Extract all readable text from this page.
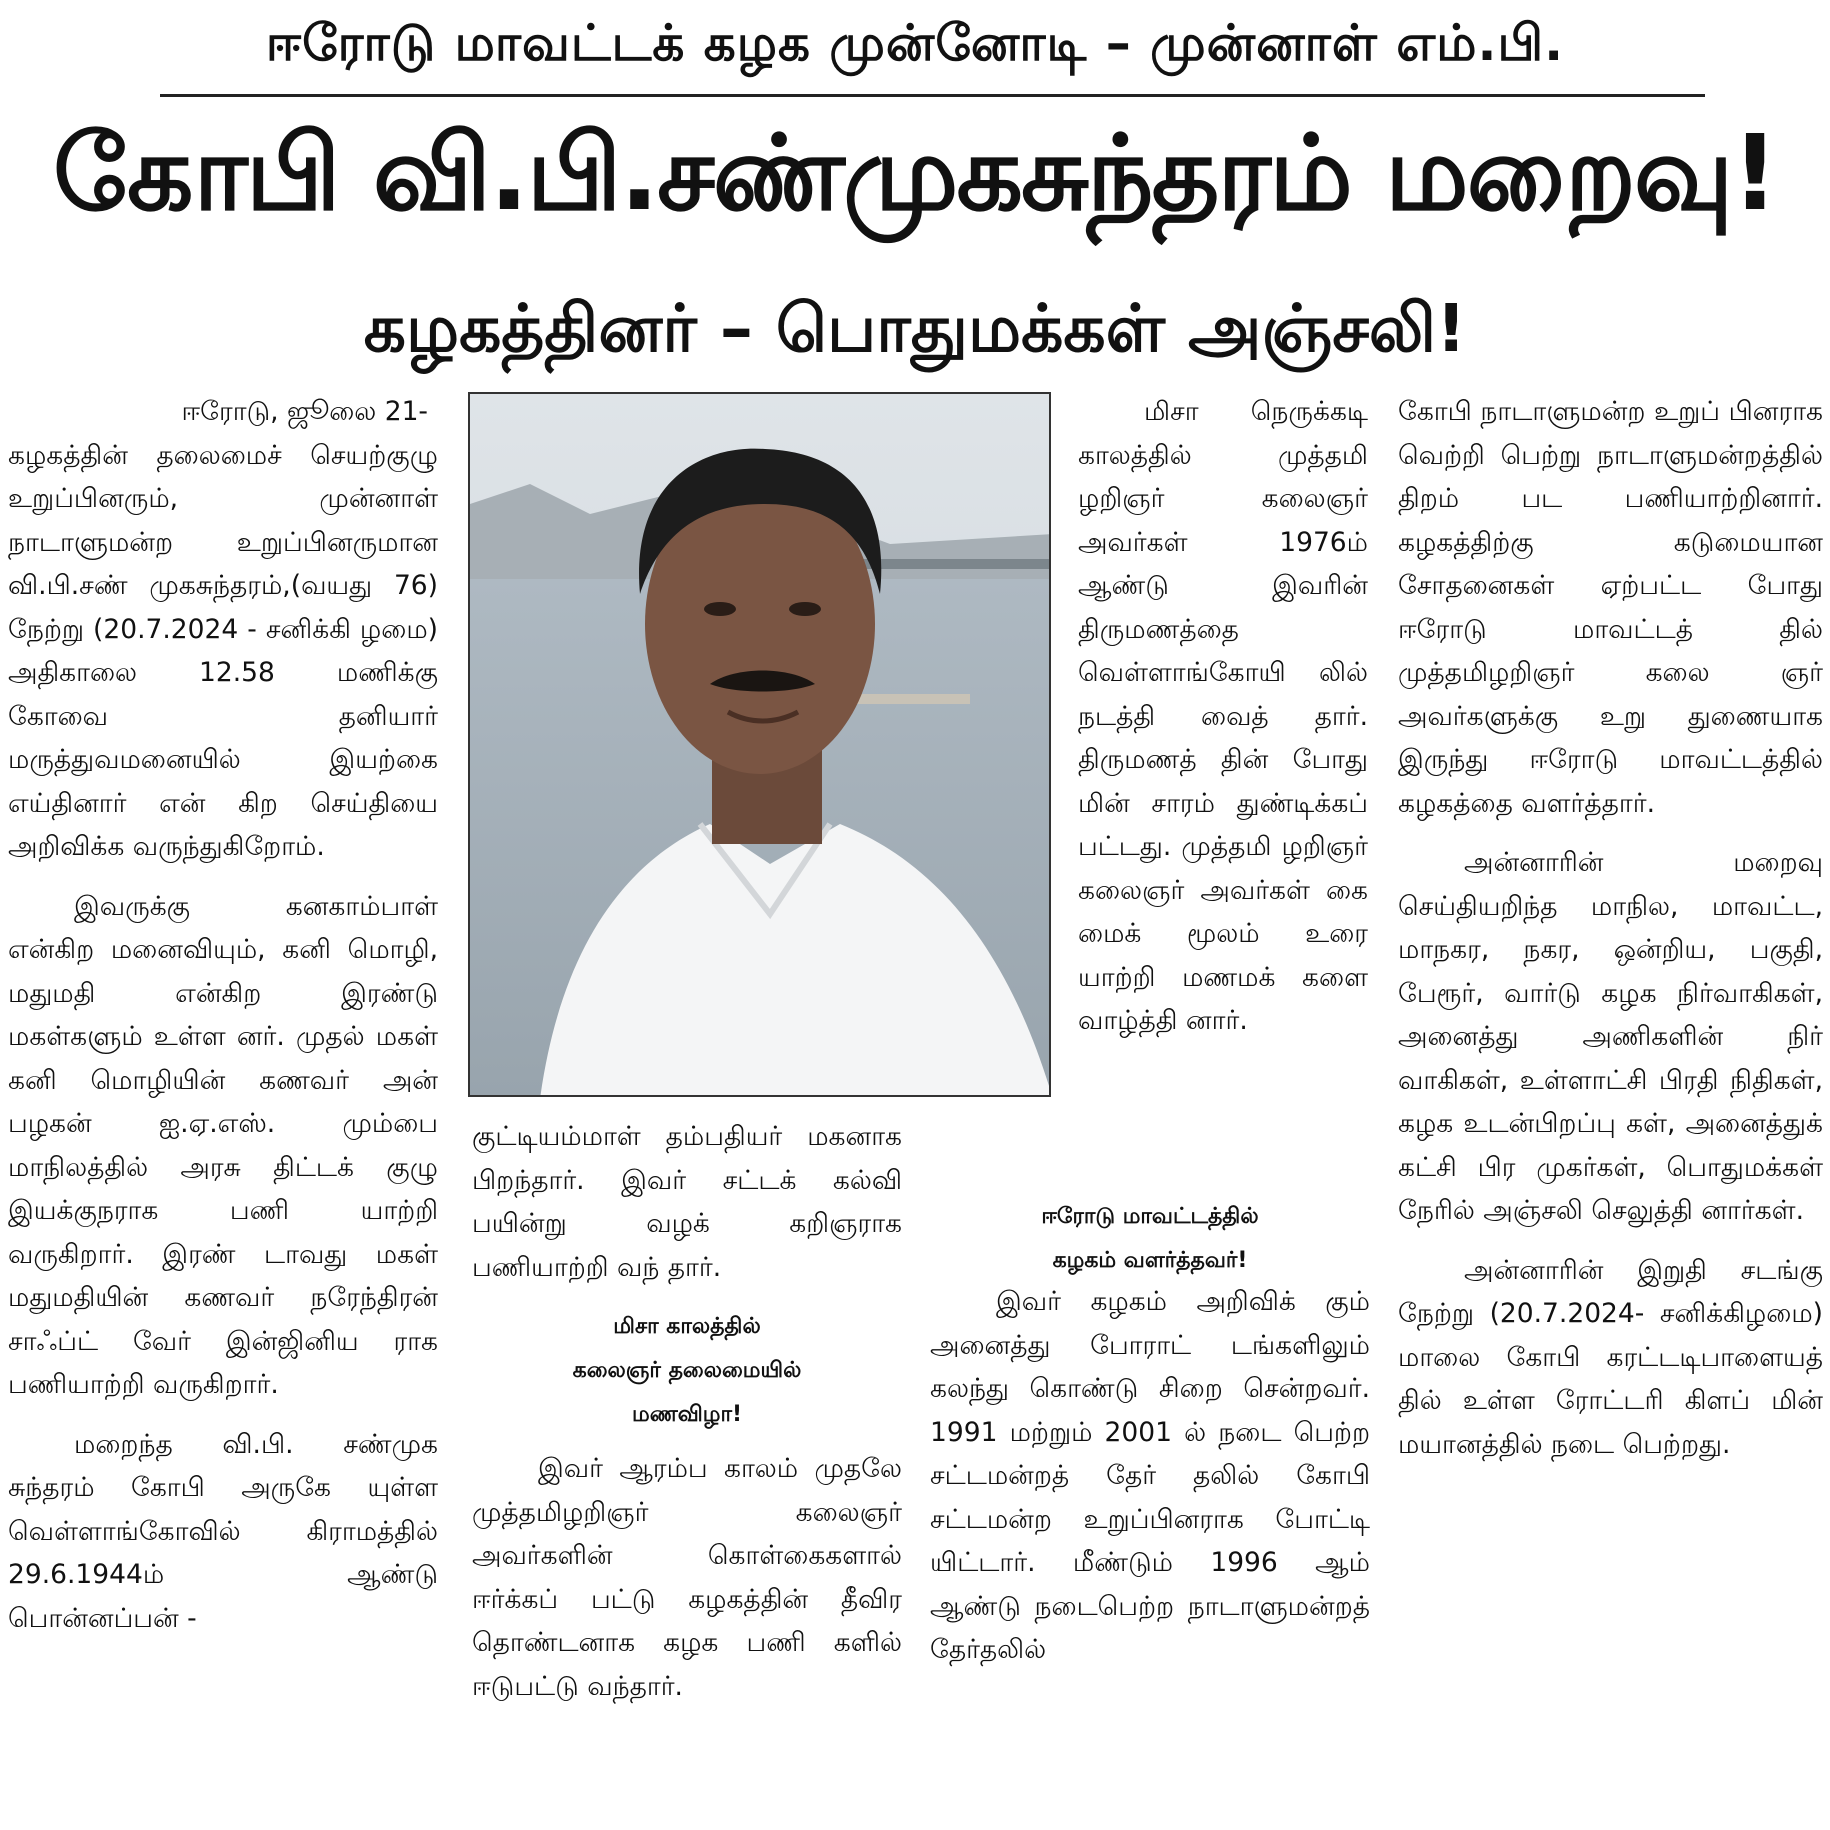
ஈரோடு மாவட்டக் கழக முன்னோடி – முன்னாள் எம்.பி.
கோபி வி.பி.சண்முகசுந்தரம் மறைவு!
கழகத்தினர் – பொதுமக்கள் அஞ்சலி!
ஈரோடு, ஜூலை 21-

கழகத்தின் தலைமைச் செயற்குழு உறுப்பினரும், முன்னாள் நாடாளுமன்ற உறுப்பினருமான வி.பி.சண் முகசுந்தரம்,(வயது 76) நேற்று (20.7.2024 - சனிக்கி ழமை) அதிகாலை 12.58 மணிக்கு கோவை தனியார் மருத்துவமனையில் இயற்கை எய்தினார் என் கிற செய்தியை அறிவிக்க வருந்துகிறோம்.

இவருக்கு கனகாம்பாள் என்கிற மனைவியும், கனி மொழி, மதுமதி என்கிற இரண்டு மகள்களும் உள்ள னர். முதல் மகள் கனி மொழியின் கணவர் அன் பழகன் ஐ.ஏ.எஸ். மும்பை மாநிலத்தில் அரசு திட்டக் குழு இயக்குநராக பணி யாற்றி வருகிறார். இரண் டாவது மகள் மதுமதியின் கணவர் நரேந்திரன் சாஃப்ட் வேர் இன்ஜினிய ராக பணியாற்றி வருகிறார்.

மறைந்த வி.பி. சண்முக சுந்தரம் கோபி அருகே யுள்ள வெள்ளாங்கோவில் கிராமத்தில் 29.6.1944ம் ஆண்டு பொன்னப்பன் -

குட்டியம்மாள் தம்பதியர் மகனாக பிறந்தார். இவர் சட்டக் கல்வி பயின்று வழக் கறிஞராக பணியாற்றி வந் தார்.

மிசா காலத்தில்
கலைஞர் தலைமையில்
மணவிழா!

இவர் ஆரம்ப காலம் முதலே முத்தமிழறிஞர் கலைஞர் அவர்களின் கொள்கைகளால் ஈர்க்கப் பட்டு கழகத்தின் தீவிர தொண்டனாக கழக பணி களில் ஈடுபட்டு வந்தார்.

மிசா நெருக்கடி காலத்தில் முத்தமி ழறிஞர் கலைஞர் அவர்கள் 1976ம் ஆண்டு இவரின் திருமணத்தை வெள்ளாங்கோயி லில் நடத்தி வைத் தார். திருமணத் தின் போது மின் சாரம் துண்டிக்கப் பட்டது. முத்தமி ழறிஞர் கலைஞர் அவர்கள் கை மைக் மூலம் உரை யாற்றி மணமக் களை வாழ்த்தி னார்.

ஈரோடு மாவட்டத்தில்
கழகம் வளர்த்தவர்!

இவர் கழகம் அறிவிக் கும் அனைத்து போராட் டங்களிலும் கலந்து கொண்டு சிறை சென்றவர். 1991 மற்றும் 2001 ல் நடை பெற்ற சட்டமன்றத் தேர் தலில் கோபி சட்டமன்ற உறுப்பினராக போட்டி யிட்டார். மீண்டும் 1996 ஆம் ஆண்டு நடைபெற்ற நாடாளுமன்றத் தேர்தலில்

கோபி நாடாளுமன்ற உறுப் பினராக வெற்றி பெற்று நாடாளுமன்றத்தில் திறம் பட பணியாற்றினார். கழகத்திற்கு கடுமையான சோதனைகள் ஏற்பட்ட போது ஈரோடு மாவட்டத் தில் முத்தமிழறிஞர் கலை ஞர் அவர்களுக்கு உறு துணையாக இருந்து ஈரோடு மாவட்டத்தில் கழகத்தை வளர்த்தார்.

அன்னாரின் மறைவு செய்தியறிந்த மாநில, மாவட்ட, மாநகர, நகர, ஒன்றிய, பகுதி, பேரூர், வார்டு கழக நிர்வாகிகள், அனைத்து அணிகளின் நிர் வாகிகள், உள்ளாட்சி பிரதி நிதிகள், கழக உடன்பிறப்பு கள், அனைத்துக் கட்சி பிர முகர்கள், பொதுமக்கள் நேரில் அஞ்சலி செலுத்தி னார்கள்.

அன்னாரின் இறுதி சடங்கு நேற்று (20.7.2024- சனிக்கிழமை) மாலை கோபி கரட்டடிபாளையத் தில் உள்ள ரோட்டரி கிளப் மின் மயானத்தில் நடை பெற்றது.
